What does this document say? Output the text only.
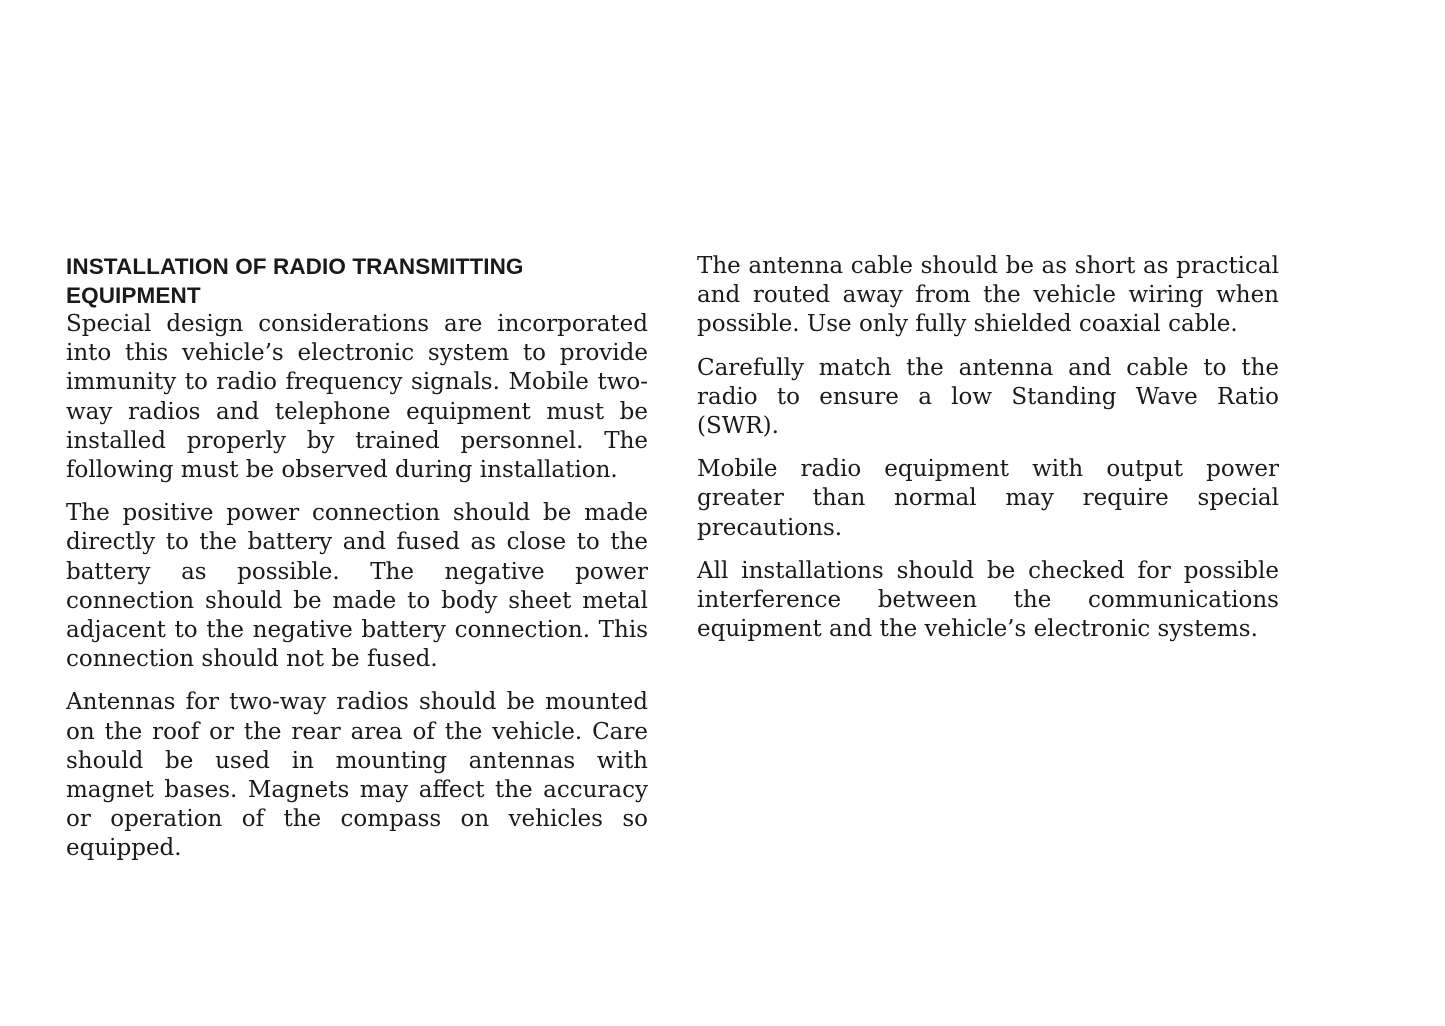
INSTALLATION OF RADIO TRANSMITTING
EQUIPMENT

Special design considerations are incorporated into this vehicle’s electronic system to provide immunity to radio frequency signals. Mobile two-way radios and telephone equipment must be installed properly by trained personnel. The following must be observed during installation.

The positive power connection should be made directly to the battery and fused as close to the battery as possible. The negative power connection should be made to body sheet metal adjacent to the negative battery connection. This connection should not be fused.

Antennas for two-way radios should be mounted on the roof or the rear area of the vehicle. Care should be used in mounting antennas with magnet bases. Magnets may affect the accuracy or operation of the compass on vehicles so equipped.

The antenna cable should be as short as practical and routed away from the vehicle wiring when possible. Use only fully shielded coaxial cable.

Carefully match the antenna and cable to the radio to ensure a low Standing Wave Ratio (SWR).

Mobile radio equipment with output power greater than normal may require special precautions.

All installations should be checked for possible interference between the communications equipment and the vehicle’s electronic systems.
